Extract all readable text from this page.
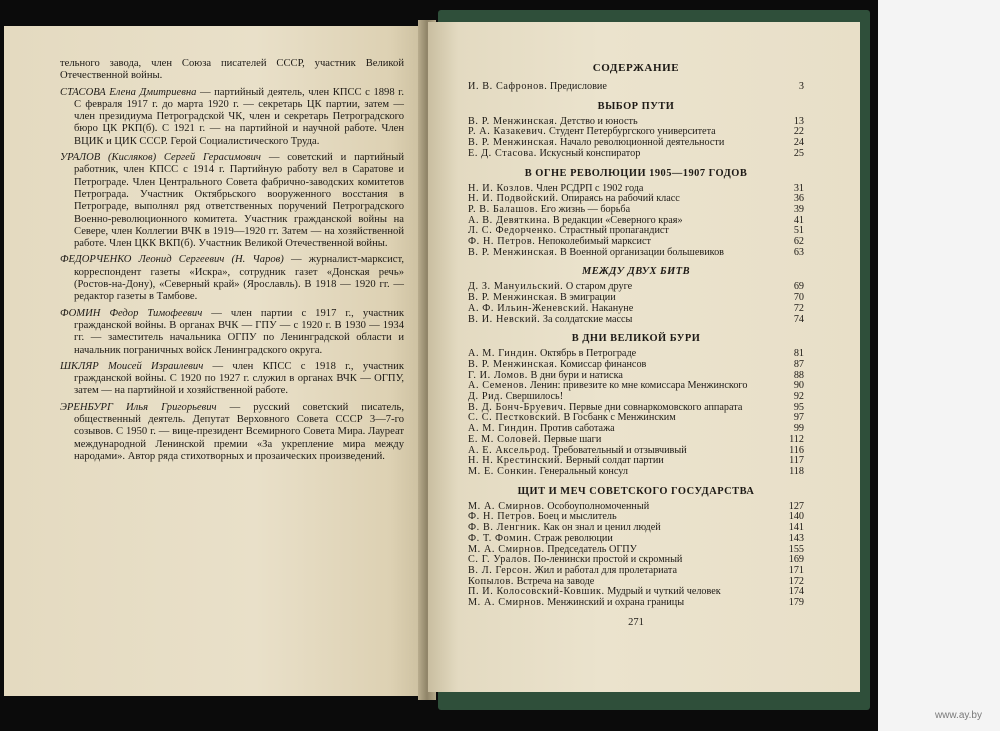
тельного завода, член Союза писателей СССР, участник Великой Отечественной войны.

СТАСОВА Елена Дмитриевна — партийный деятель, член КПСС с 1898 г. С февраля 1917 г. до марта 1920 г. — секретарь ЦК партии, затем — член президиума Петроградской ЧК, член и секретарь Петроградского бюро ЦК РКП(б). С 1921 г. — на партийной и научной работе. Член ВЦИК и ЦИК СССР. Герой Социалистического Труда.

УРАЛОВ (Кисляков) Сергей Герасимович — советский и партийный работник, член КПСС с 1914 г. Партийную работу вел в Саратове и Петрограде. Член Центрального Совета фабрично-заводских комитетов Петрограда. Участник Октябрьского вооруженного восстания в Петрограде, выполнял ряд ответственных поручений Петроградского Военно-революционного комитета. Участник гражданской войны на Севере, член Коллегии ВЧК в 1919—1920 гг. Затем — на хозяйственной работе. Член ЦКК ВКП(б). Участник Великой Отечественной войны.

ФЕДОРЧЕНКО Леонид Сергеевич (Н. Чаров) — журналист-марксист, корреспондент газеты «Искра», сотрудник газет «Донская речь» (Ростов-на-Дону), «Северный край» (Ярославль). В 1918 — 1920 гг. — редактор газеты в Тамбове.

ФОМИН Федор Тимофеевич — член партии с 1917 г., участник гражданской войны. В органах ВЧК — ГПУ — с 1920 г. В 1930 — 1934 гг. — заместитель начальника ОГПУ по Ленинградской области и начальник пограничных войск Ленинградского округа.

ШКЛЯР Моисей Израилевич — член КПСС с 1918 г., участник гражданской войны. С 1920 по 1927 г. служил в органах ВЧК — ОГПУ, затем — на партийной и хозяйственной работе.

ЭРЕНБУРГ Илья Григорьевич — русский советский писатель, общественный деятель. Депутат Верховного Совета СССР 3—7-го созывов. С 1950 г. — вице-президент Всемирного Совета Мира. Лауреат международной Ленинской премии «За укрепление мира между народами». Автор ряда стихотворных и прозаических произведений.

СОДЕРЖАНИЕ
И. В. Сафронов. Предисловие	3
ВЫБОР ПУТИ
В. Р. Менжинская. Детство и юность	13
Р. А. Казакевич. Студент Петербургского университета	22
В. Р. Менжинская. Начало революционной деятельности	24
Е. Д. Стасова. Искусный конспиратор	25
В ОГНЕ РЕВОЛЮЦИИ 1905—1907 ГОДОВ
Н. И. Козлов. Член РСДРП с 1902 года	31
Н. И. Подвойский. Опираясь на рабочий класс	36
Р. В. Балашов. Его жизнь — борьба	39
А. В. Девяткина. В редакции «Северного края»	41
Л. С. Федорченко. Страстный пропагандист	51
Ф. Н. Петров. Непоколебимый марксист	62
В. Р. Менжинская. В Военной организации большевиков	63
МЕЖДУ ДВУХ БИТВ
Д. З. Мануильский. О старом друге	69
В. Р. Менжинская. В эмиграции	70
А. Ф. Ильин-Женевский. Накануне	72
В. И. Невский. За солдатские массы	74
В ДНИ ВЕЛИКОЙ БУРИ
А. М. Гиндин. Октябрь в Петрограде	81
В. Р. Менжинская. Комиссар финансов	87
Г. И. Ломов. В дни бури и натиска	88
А. Семенов. Ленин: привезите ко мне комиссара Менжинского	90
Д. Рид. Свершилось!	92
В. Д. Бонч-Бруевич. Первые дни совнаркомовского аппарата	95
С. С. Пестковский. В Госбанк с Менжинским	97
А. М. Гиндин. Против саботажа	99
Е. М. Соловей. Первые шаги	112
А. Е. Аксельрод. Требовательный и отзывчивый	116
Н. Н. Крестинский. Верный солдат партии	117
М. Е. Сонкин. Генеральный консул	118
ЩИТ И МЕЧ СОВЕТСКОГО ГОСУДАРСТВА
М. А. Смирнов. Особоуполномоченный	127
Ф. Н. Петров. Боец и мыслитель	140
Ф. В. Ленгник. Как он знал и ценил людей	141
Ф. Т. Фомин. Страж революции	143
М. А. Смирнов. Председатель ОГПУ	155
С. Г. Уралов. По-ленински простой и скромный	169
В. Л. Герсон. Жил и работал для пролетариата	171
Копылов. Встреча на заводе	172
П. И. Колосовский-Ковшик. Мудрый и чуткий человек	174
М. А. Смирнов. Менжинский и охрана границы	179
271
www.ay.by
